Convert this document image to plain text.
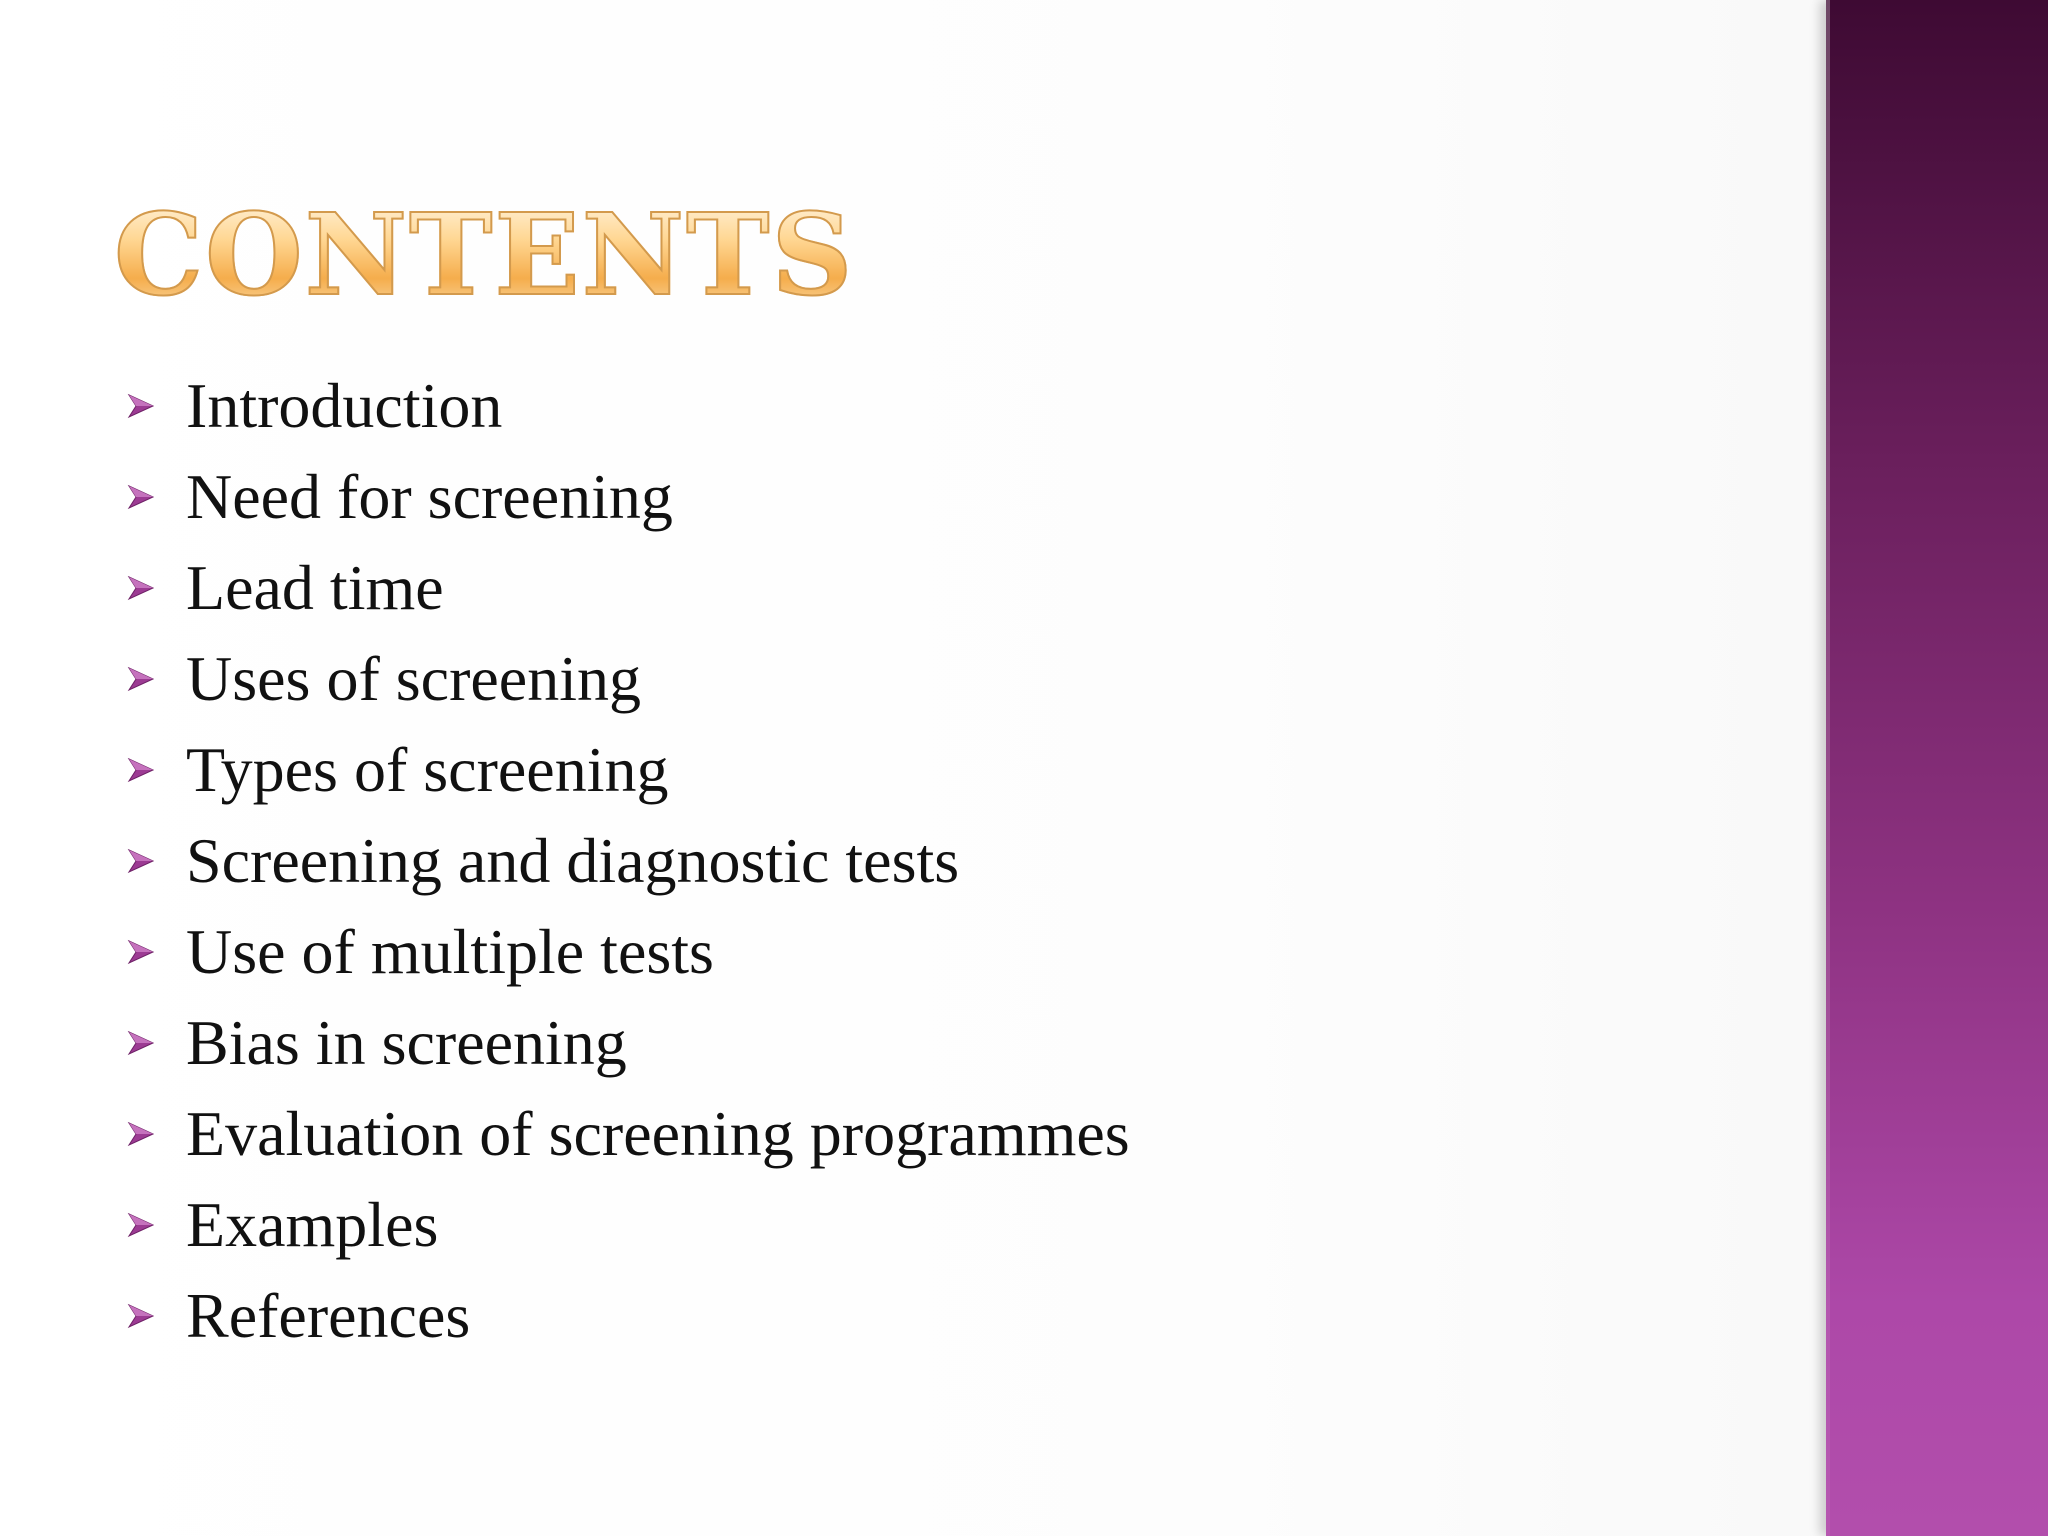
CONTENTS
Introduction
Need for screening
Lead time
Uses of screening
Types of screening
Screening and diagnostic tests
Use of multiple tests
Bias in screening
Evaluation of screening programmes
Examples
References
